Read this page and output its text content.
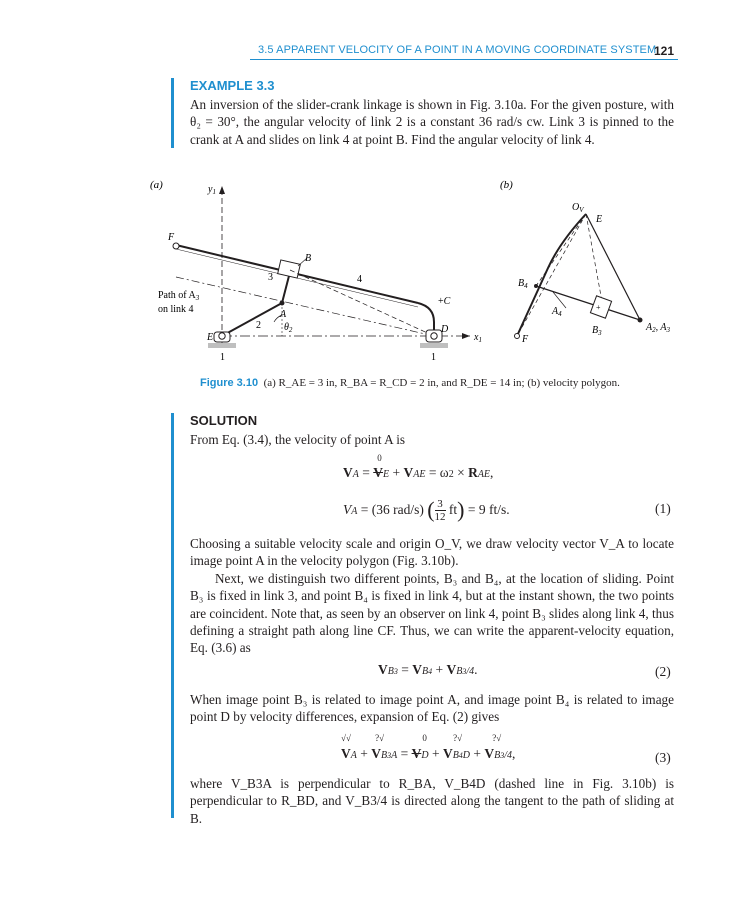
3.5 APPARENT VELOCITY OF A POINT IN A MOVING COORDINATE SYSTEM
121
EXAMPLE 3.3
An inversion of the slider-crank linkage is shown in Fig. 3.10a. For the given posture, with θ₂ = 30°, the angular velocity of link 2 is a constant 36 rad/s cw. Link 3 is pinned to the crank at A and slides on link 4 at point B. Find the angular velocity of link 4.
(a)	$y_1$
$x_1$
F
Path of $A_3$
on link 4
2
A
3
B
4
+C
$\theta_2$
E
1
D
1
(b)
+
$O_V$
E
$B_4$
$A_4$
$B_3$	$A_2$, $A_3$
F
Figure 3.10 (a) R_AE = 3 in, R_BA = R_CD = 2 in, and R_DE = 14 in; (b) velocity polygon.
SOLUTION
From Eq. (3.4), the velocity of point A is
VA =
0
VE + VAE = ω2 × RAE,
VA = (36 rad/s) $(\frac{3}{12} ft) = 9$ ft/s.	(1)
Choosing a suitable velocity scale and origin O_V, we draw velocity vector V_A to locate image point A in the velocity polygon (Fig. 3.10b).
Next, we distinguish two different points, B₃ and B₄, at the location of sliding. Point B₃ is fixed in link 3, and point B₄ is fixed in link 4, but at the instant shown, the two points are coincident. Note that, as seen by an observer on link 4, point B₃ slides along link 4, thus defining a straight path along line CF. Thus, we can write the apparent-velocity equation, Eq. (3.6) as
VB3 = VB4 + VB3/4.	(2)
When image point B₃ is related to image point A, and image point B₄ is related to image point D by velocity differences, expansion of Eq. (2) gives
√√	?√	0	?√	?√
VA + VB3A = VD + VB4D + VB3/4,	(3)
where V_B3A is perpendicular to R_BA, V_B4D (dashed line in Fig. 3.10b) is perpendicular to R_BD, and V_B3/4 is directed along the tangent to the path of sliding at B.
